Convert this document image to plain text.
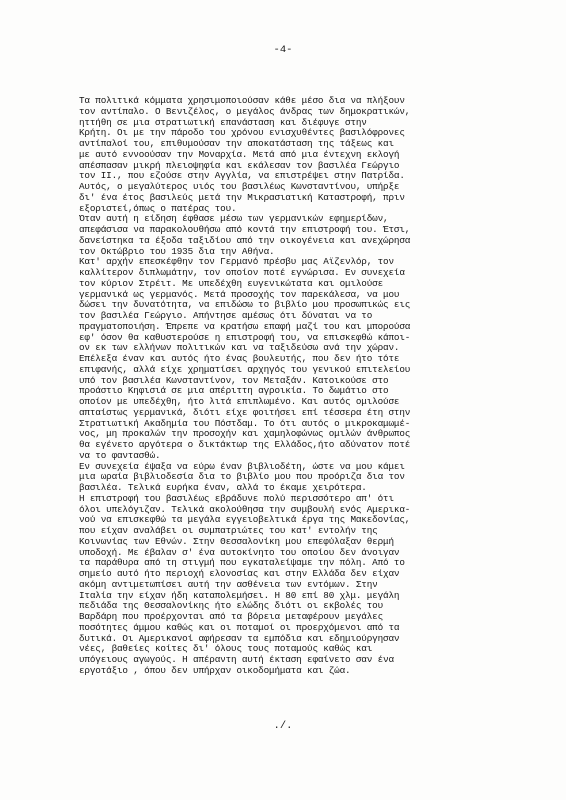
-4-
Τα πολιτικά κόμματα χρησιμοποιούσαν κάθε μέσο δια να πλήξουν
τον αντίπαλο. Ο Βενιζέλος, ο μεγάλος άνδρας των δημοκρατικών,
ηττήθη σε μια στρατιωτική επανάσταση και διέφυγε στην
Κρήτη. Οι με την πάροδο του χρόνου ενισχυθέντες βασιλόφρονες
αντίπαλοί του, επιθυμούσαν την αποκατάσταση της τάξεως και
με αυτό εννοούσαν την Μοναρχία. Μετά από μια έντεχνη εκλογή
απέσπασαν μικρή πλειοψηφία και εκάλεσαν τον βασιλέα Γεώργιο
τον ΙΙ., που εζούσε στην Αγγλία, να επιστρέψει στην Πατρίδα.
Αυτός, ο μεγαλύτερος υιός του βασιλέως Κωνσταντίνου, υπήρξε
δι' ένα έτος βασιλεύς μετά την Μικρασιατική Καταστροφή, πριν
εξοριστεί,όπως ο πατέρας του.
Όταν αυτή η είδηση έφθασε μέσω των γερμανικών εφημερίδων,
απεφάσισα να παρακολουθήσω από κοντά την επιστροφή του. Έτσι,
δανείστηκα τα έξοδα ταξιδίου από την οικογένεια και ανεχώρησα
τον Οκτώβριο του 1935 δια την Αθήνα.
Κατ' αρχήν επεσκέφθην τον Γερμανό πρέσβυ μας Αϊζενλόρ, τον
καλλίτερον διπλωμάτην, τον οποίον ποτέ εγνώρισα. Εν συνεχεία
τον κύριον Στρέιτ. Με υπεδέχθη ευγενικώτατα και ομιλούσε
γερμανικά ως γερμανός. Μετά προσοχής τον παρεκάλεσα, να μου
δώσει την δυνατότητα, να επιδώσω το βιβλίο μου προσωπικώς εις
τον βασιλέα Γεώργιο. Απήντησε αμέσως ότι δύναται να το
πραγματοποιήση. Έπρεπε να κρατήσω επαφή μαζί του και μπορούσα
εφ' όσον θα καθυστερούσε η επιστροφή του, να επισκεφθώ κάποι-
ον εκ των ελλήνων πολιτικών και να ταξιδεύσω ανά την χώραν.
Επέλεξα έναν και αυτός ήτο ένας βουλευτής, που δεν ήτο τότε
επιφανής, αλλά είχε χρηματίσει αρχηγός του γενικού επιτελείου
υπό τον βασιλέα Κωνσταντίνον, τον Μεταξάν. Κατοικούσε στο
προάστιο Κηφισιά σε μια απέριττη αγροικία. Το δωμάτιο στο
οποίον με υπεδέχθη, ήτο λιτά επιπλωμένο. Και αυτός ομιλούσε
απταίστως γερμανικά, διότι είχε φοιτήσει επί τέσσερα έτη στην
Στρατιωτική Ακαδημία του Πόστδαμ. Το ότι αυτός ο μικροκαμωμέ-
νος, μη προκαλών την προσοχήν και χαμηλοφώνως ομιλών άνθρωπος
θα εγένετο αργότερα ο δικτάκτωρ της Ελλάδος,ήτο αδύνατον ποτέ
να το φαντασθώ.
Εν συνεχεία έψαξα να εύρω έναν βιβλιοδέτη, ώστε να μου κάμει
μια ωραία βιβλιοδεσία δια το βιβλίο μου που προόριζα δια τον
βασιλέα. Τελικά ευρήκα έναν, αλλά το έκαμε χειρότερα.
Η επιστροφή του βασιλέως εβράδυνε πολύ περισσότερο απ' ότι
όλοι υπελόγιζαν. Τελικά ακολούθησα την συμβουλή ενός Αμερικα-
νού να επισκεφθώ τα μεγάλα εγγειοβελτικά έργα της Μακεδονίας,
που είχαν αναλάβει οι συμπατριώτες του κατ' εντολήν της
Κοινωνίας των Εθνών. Στην Θεσσαλονίκη μου επεφύλαξαν θερμή
υποδοχή. Με έβαλαν σ' ένα αυτοκίνητο του οποίου δεν άνοιγαν
τα παράθυρα από τη στιγμή που εγκαταλείψαμε την πόλη. Από το
σημείο αυτό ήτο περιοχή ελονοσίας και στην Ελλάδα δεν είχαν
ακόμη αντιμετωπίσει αυτή την ασθένεια των εντόμων. Στην
Ιταλία την είχαν ήδη καταπολεμήσει. Η 80 επί 80 χλμ. μεγάλη
πεδιάδα της Θεσσαλονίκης ήτο ελώδης διότι οι εκβολές του
Βαρδάρη που προέρχονται από τα βόρεια μεταφέρουν μεγάλες
ποσότητες άμμου καθώς και οι ποταμοί οι προερχόμενοι από τα
δυτικά. Οι Αμερικανοί αφήρεσαν τα εμπόδια και εδημιούργησαν
νέες, βαθείες κοίτες δι' όλους τους ποταμούς καθώς και
υπόγειους αγωγούς. Η απέραντη αυτή έκταση εφαίνετο σαν ένα
εργοτάξιο , όπου δεν υπήρχαν οικοδομήματα και ζώα.
./.
